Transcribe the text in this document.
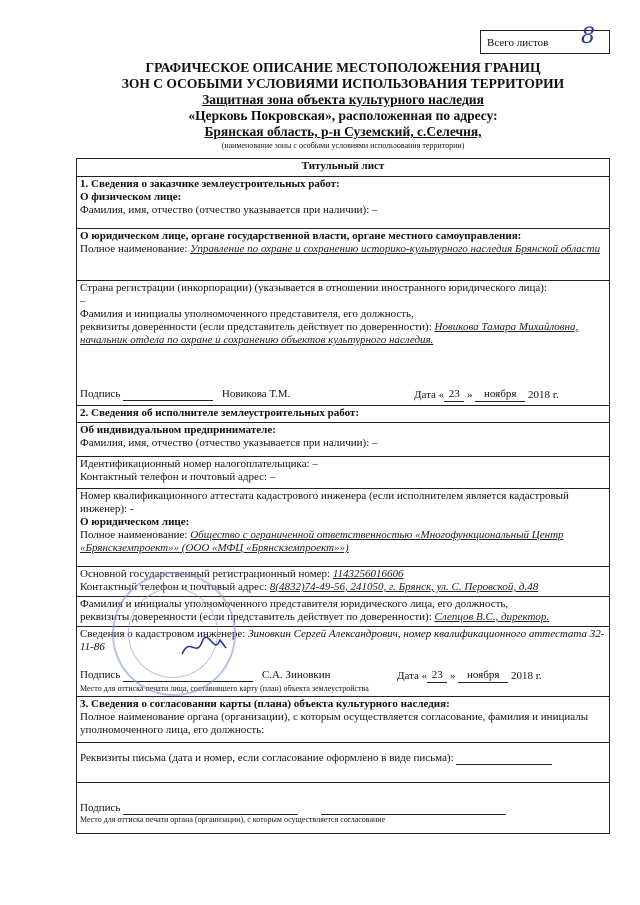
Всего листов 8
ГРАФИЧЕСКОЕ ОПИСАНИЕ МЕСТОПОЛОЖЕНИЯ ГРАНИЦ
ЗОН С ОСОБЫМИ УСЛОВИЯМИ ИСПОЛЬЗОВАНИЯ ТЕРРИТОРИИ
Защитная зона объекта культурного наследия
«Церковь Покровская», расположенная по адресу:
Брянская область, р-н Суземский, с.Селечня,
(наименование зоны с особыми условиями использования территории)
Титульный лист
1. Сведения о заказчике землеустроительных работ:
О физическом лице:
Фамилия, имя, отчество (отчество указывается при наличии): –
О юридическом лице, органе государственной власти, органе местного самоуправления:
Полное наименование: Управление по охране и сохранению историко-культурного наследия Брянской области
Страна регистрации (инкорпорации) (указывается в отношении иностранного юридического лица):
–
Фамилия и инициалы уполномоченного представителя, его должность,
реквизиты доверенности (если представитель действует по доверенности): Новикова Тамара Михайловна, начальник отдела по охране и сохранению объектов культурного наследия.
Подпись	Новикова Т.М.	Дата « 23 » ноября 2018 г.
2. Сведения об исполнителе землеустроительных работ:
Об индивидуальном предпринимателе:
Фамилия, имя, отчество (отчество указывается при наличии): –
Идентификационный номер налогоплательщика: –
Контактный телефон и почтовый адрес: –
Номер квалификационного аттестата кадастрового инженера (если исполнителем является кадастровый инженер): -
О юридическом лице:
Полное наименование: Общество с ограниченной ответственностью «Многофункциональный Центр «Брянскземпроект»» (ООО «МФЦ «Брянскземпроект»»)
Основной государственный регистрационный номер: 1143256016606
Контактный телефон и почтовый адрес: 8(4832)74-49-56, 241050, г. Брянск, ул. С. Перовской, д.48
Фамилия и инициалы уполномоченного представителя юридического лица, его должность,
реквизиты доверенности (если представитель действует по доверенности): Слепцов В.С., директор.
Сведения о кадастровом инженере: Зиновкин Сергей Александрович, номер квалификационного аттестата 32-11-86
Подпись	С.А. Зиновкин	Дата « 23 » ноября 2018 г.
Место для оттиска печати лица, составившего карту (план) объекта землеустройства
3. Сведения о согласовании карты (плана) объекта культурного наследия:
Полное наименование органа (организации), с которым осуществляется согласование, фамилия и инициалы уполномоченного лица, его должность:
Реквизиты письма (дата и номер, если согласование оформлено в виде письма):
Подпись
Место для оттиска печати органа (организации), с которым осуществляется согласование
